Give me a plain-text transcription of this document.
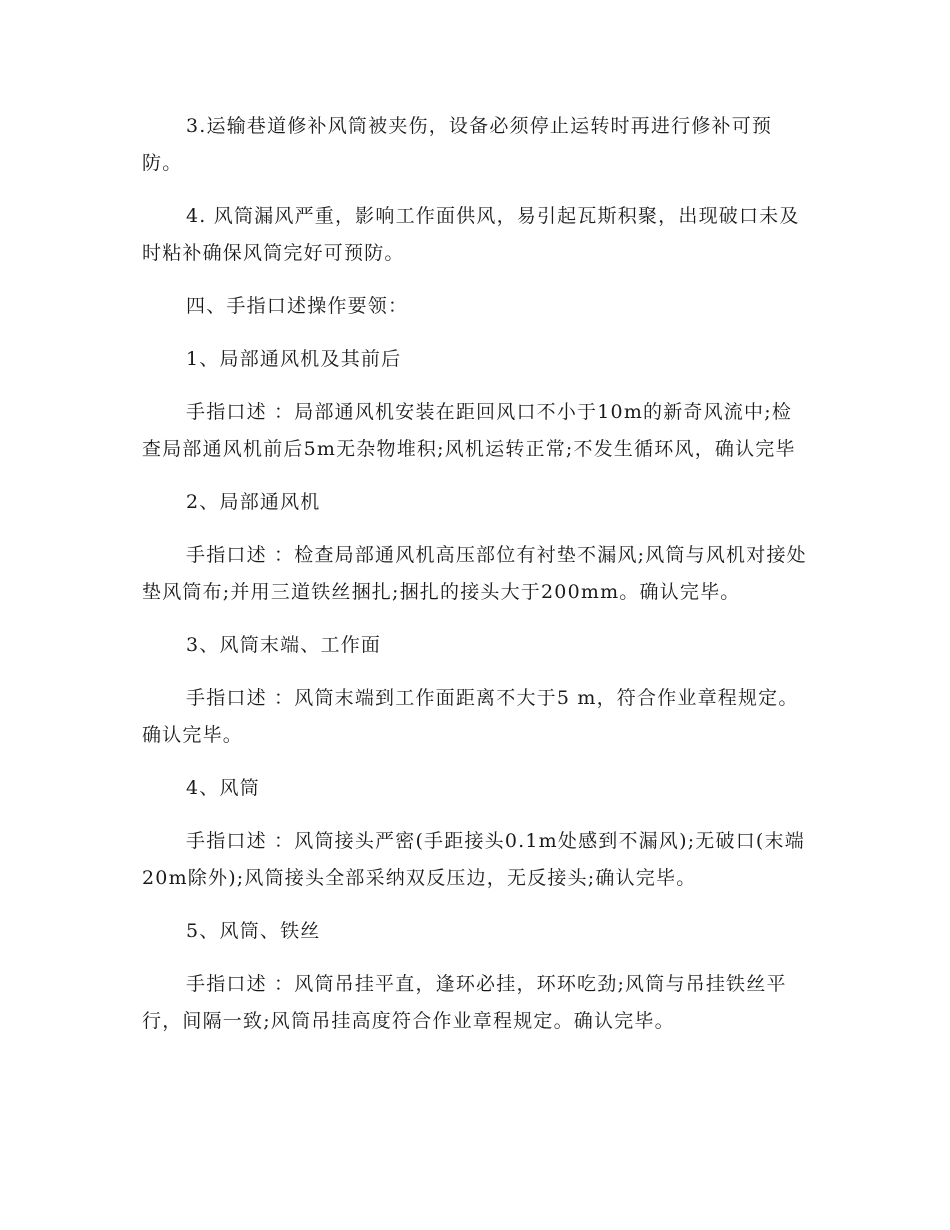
3.运输巷道修补风筒被夹伤，设备必须停止运转时再进行修补可预防。

4. 风筒漏风严重，影响工作面供风，易引起瓦斯积聚，出现破口未及时粘补确保风筒完好可预防。

四、手指口述操作要领：

1、局部通风机及其前后

手指口述 ：局部通风机安装在距回风口不小于10m的新奇风流中;检查局部通风机前后5m无杂物堆积;风机运转正常;不发生循环风，确认完毕

2、局部通风机

手指口述 ：检查局部通风机高压部位有衬垫不漏风;风筒与风机对接处垫风筒布;并用三道铁丝捆扎;捆扎的接头大于200mm。确认完毕。

3、风筒末端、工作面

手指口述 ：风筒末端到工作面距离不大于5 m，符合作业章程规定。确认完毕。

4、风筒

手指口述 ：风筒接头严密(手距接头0.1m处感到不漏风);无破口(末端20m除外);风筒接头全部采纳双反压边，无反接头;确认完毕。

5、风筒、铁丝

手指口述 ：风筒吊挂平直，逢环必挂，环环吃劲;风筒与吊挂铁丝平行，间隔一致;风筒吊挂高度符合作业章程规定。确认完毕。
